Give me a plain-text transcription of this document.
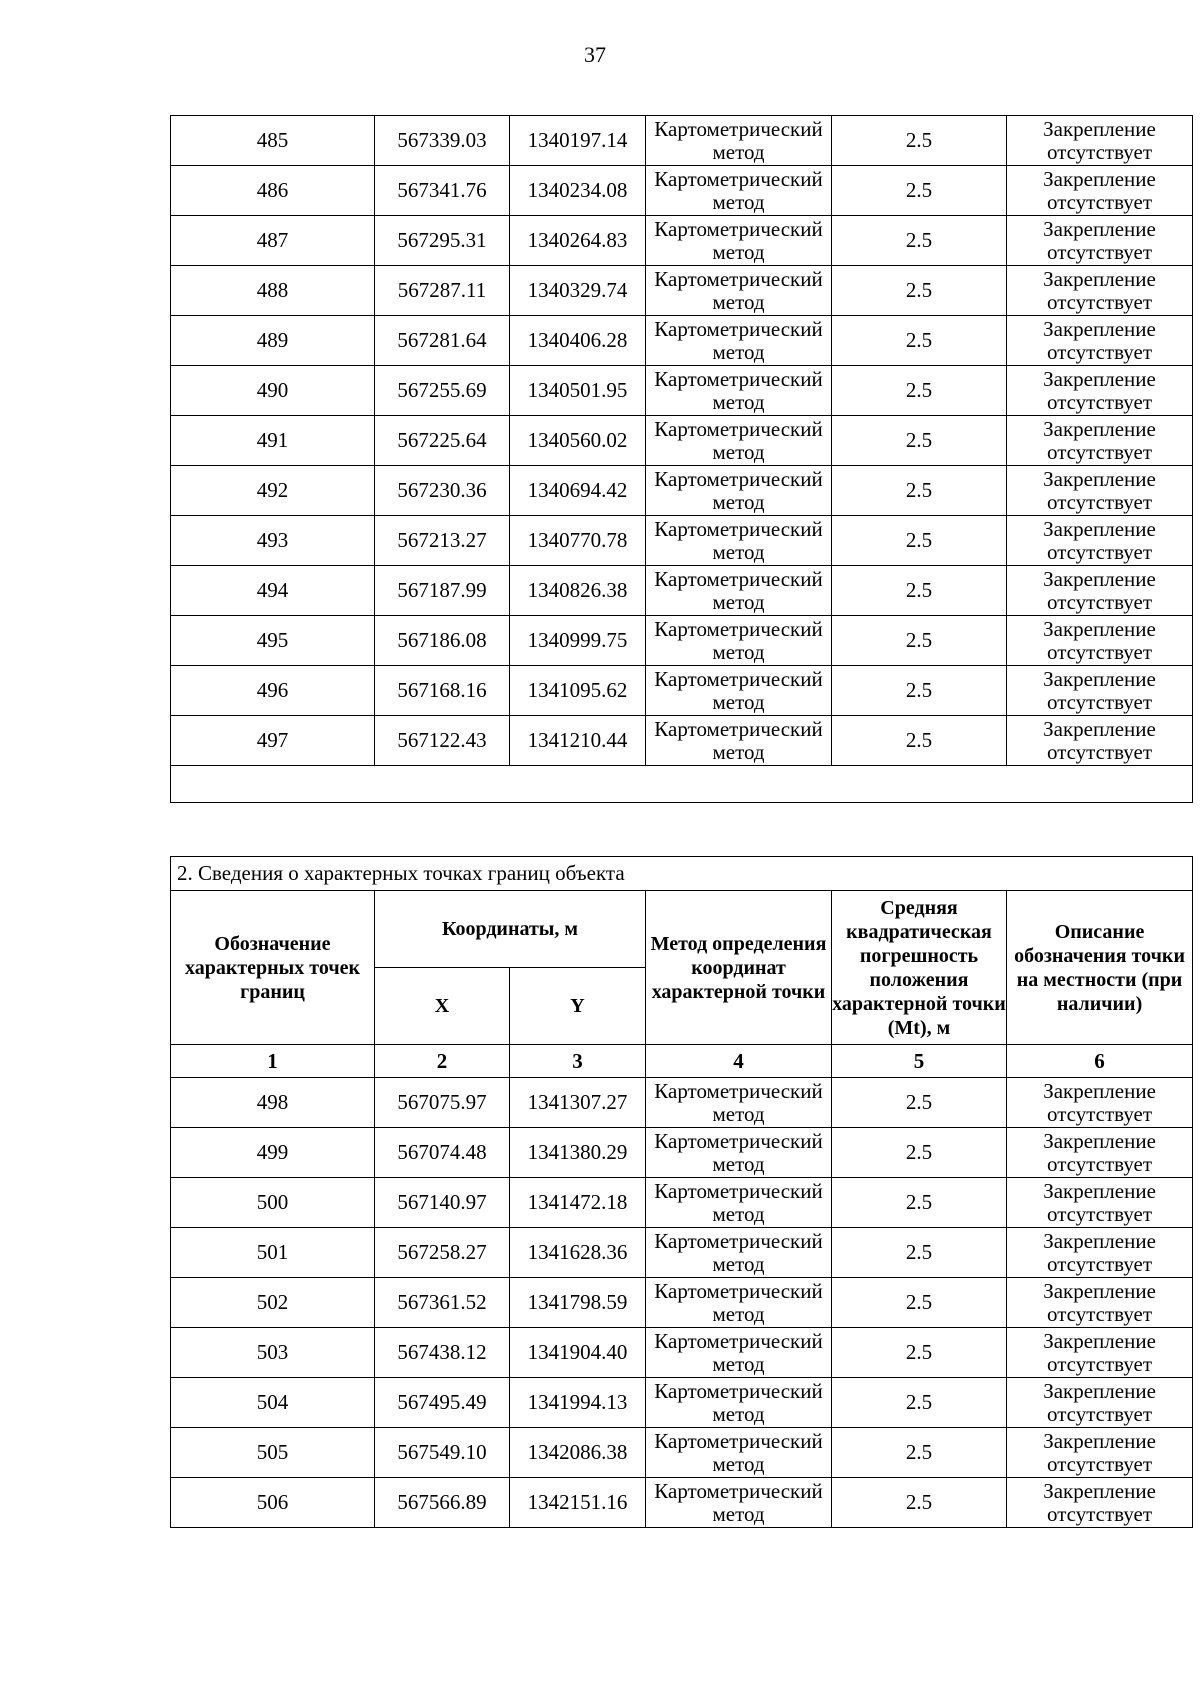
37
485	567339.03	1340197.14	Картометрический метод	2.5	Закрепление отсутствует
486	567341.76	1340234.08	Картометрический метод	2.5	Закрепление отсутствует
487	567295.31	1340264.83	Картометрический метод	2.5	Закрепление отсутствует
488	567287.11	1340329.74	Картометрический метод	2.5	Закрепление отсутствует
489	567281.64	1340406.28	Картометрический метод	2.5	Закрепление отсутствует
490	567255.69	1340501.95	Картометрический метод	2.5	Закрепление отсутствует
491	567225.64	1340560.02	Картометрический метод	2.5	Закрепление отсутствует
492	567230.36	1340694.42	Картометрический метод	2.5	Закрепление отсутствует
493	567213.27	1340770.78	Картометрический метод	2.5	Закрепление отсутствует
494	567187.99	1340826.38	Картометрический метод	2.5	Закрепление отсутствует
495	567186.08	1340999.75	Картометрический метод	2.5	Закрепление отсутствует
496	567168.16	1341095.62	Картометрический метод	2.5	Закрепление отсутствует
497	567122.43	1341210.44	Картометрический метод	2.5	Закрепление отсутствует

2. Сведения о характерных точках границ объекта					
Обозначение характерных точек границ	Координаты, м		Метод определения координат характерной точки	Средняя квадратическая погрешность положения характерной точки (Mt), м	Описание обозначения точки на местности (при наличии)
	X	Y			
1	2	3	4	5	6
498	567075.97	1341307.27	Картометрический метод	2.5	Закрепление отсутствует
499	567074.48	1341380.29	Картометрический метод	2.5	Закрепление отсутствует
500	567140.97	1341472.18	Картометрический метод	2.5	Закрепление отсутствует
501	567258.27	1341628.36	Картометрический метод	2.5	Закрепление отсутствует
502	567361.52	1341798.59	Картометрический метод	2.5	Закрепление отсутствует
503	567438.12	1341904.40	Картометрический метод	2.5	Закрепление отсутствует
504	567495.49	1341994.13	Картометрический метод	2.5	Закрепление отсутствует
505	567549.10	1342086.38	Картометрический метод	2.5	Закрепление отсутствует
506	567566.89	1342151.16	Картометрический метод	2.5	Закрепление отсутствует
